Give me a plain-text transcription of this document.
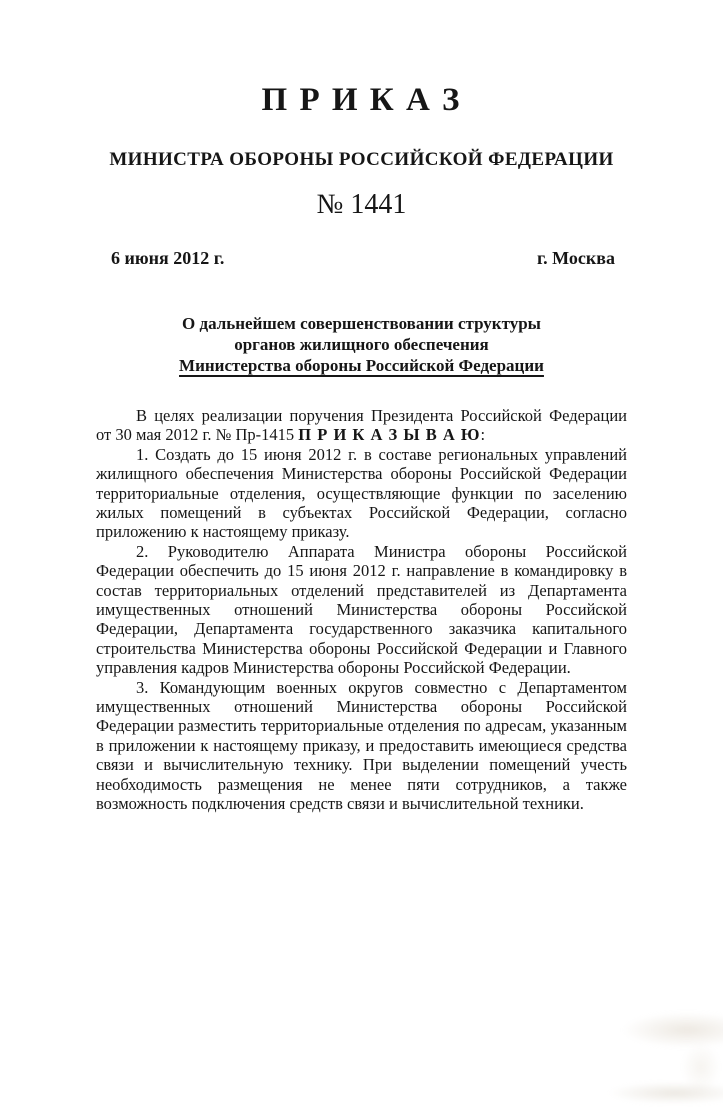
П Р И К А З
МИНИСТРА ОБОРОНЫ РОССИЙСКОЙ ФЕДЕРАЦИИ
№ 1441
6 июня 2012 г.	г. Москва
О дальнейшем совершенствовании структуры
органов жилищного обеспечения
Министерства обороны Российской Федерации

В целях реализации поручения Президента Российской Федерации от 30 мая 2012 г. № Пр-1415 П Р И К А З Ы В А Ю:

1. Создать до 15 июня 2012 г. в составе региональных управлений жилищного обеспечения Министерства обороны Российской Федерации территориальные отделения, осуществляющие функции по заселению жилых помещений в субъектах Российской Федерации, согласно приложению к настоящему приказу.

2. Руководителю Аппарата Министра обороны Российской Федерации обеспечить до 15 июня 2012 г. направление в командировку в состав территориальных отделений представителей из Департамента имущественных отношений Министерства обороны Российской Федерации, Департамента государственного заказчика капитального строительства Министерства обороны Российской Федерации и Главного управления кадров Министерства обороны Российской Федерации.

3. Командующим военных округов совместно с Департаментом имущественных отношений Министерства обороны Российской Федерации разместить территориальные отделения по адресам, указанным в приложении к настоящему приказу, и предоставить имеющиеся средства связи и вычислительную технику. При выделении помещений учесть необходимость размещения не менее пяти сотрудников, а также возможность подключения средств связи и вычислительной техники.
